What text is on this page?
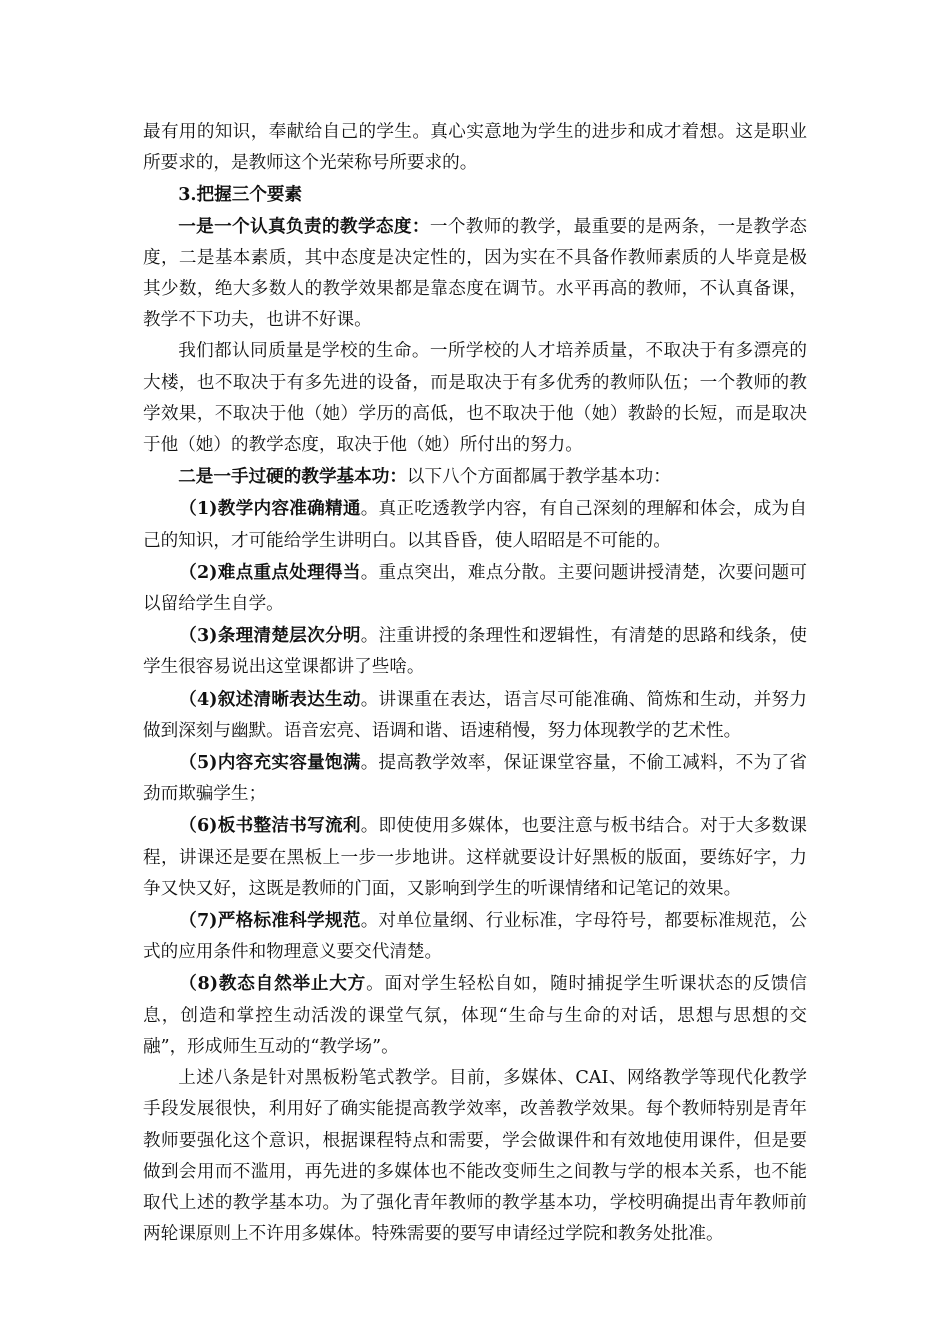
最有用的知识，奉献给自己的学生。真心实意地为学生的进步和成才着想。这是职业所要求的，是教师这个光荣称号所要求的。

3.把握三个要素

一是一个认真负责的教学态度：一个教师的教学，最重要的是两条，一是教学态度，二是基本素质，其中态度是决定性的，因为实在不具备作教师素质的人毕竟是极其少数，绝大多数人的教学效果都是靠态度在调节。水平再高的教师，不认真备课，教学不下功夫，也讲不好课。

我们都认同质量是学校的生命。一所学校的人才培养质量，不取决于有多漂亮的大楼，也不取决于有多先进的设备，而是取决于有多优秀的教师队伍；一个教师的教学效果，不取决于他（她）学历的高低，也不取决于他（她）教龄的长短，而是取决于他（她）的教学态度，取决于他（她）所付出的努力。

二是一手过硬的教学基本功：以下八个方面都属于教学基本功：

（1)教学内容准确精通。真正吃透教学内容，有自己深刻的理解和体会，成为自己的知识，才可能给学生讲明白。以其昏昏，使人昭昭是不可能的。

（2)难点重点处理得当。重点突出，难点分散。主要问题讲授清楚，次要问题可以留给学生自学。

（3)条理清楚层次分明。注重讲授的条理性和逻辑性，有清楚的思路和线条，使学生很容易说出这堂课都讲了些啥。

（4)叙述清晰表达生动。讲课重在表达，语言尽可能准确、简炼和生动，并努力做到深刻与幽默。语音宏亮、语调和谐、语速稍慢，努力体现教学的艺术性。

（5)内容充实容量饱满。提高教学效率，保证课堂容量，不偷工减料，不为了省劲而欺骗学生；

（6)板书整洁书写流利。即使使用多媒体，也要注意与板书结合。对于大多数课程，讲课还是要在黑板上一步一步地讲。这样就要设计好黑板的版面，要练好字，力争又快又好，这既是教师的门面，又影响到学生的听课情绪和记笔记的效果。

（7)严格标准科学规范。对单位量纲、行业标准，字母符号，都要标准规范，公式的应用条件和物理意义要交代清楚。

（8)教态自然举止大方。面对学生轻松自如，随时捕捉学生听课状态的反馈信息，创造和掌控生动活泼的课堂气氛，体现“生命与生命的对话，思想与思想的交融”，形成师生互动的“教学场”。

上述八条是针对黑板粉笔式教学。目前，多媒体、CAI、网络教学等现代化教学手段发展很快，利用好了确实能提高教学效率，改善教学效果。每个教师特别是青年教师要强化这个意识，根据课程特点和需要，学会做课件和有效地使用课件，但是要做到会用而不滥用，再先进的多媒体也不能改变师生之间教与学的根本关系，也不能取代上述的教学基本功。为了强化青年教师的教学基本功，学校明确提出青年教师前两轮课原则上不许用多媒体。特殊需要的要写申请经过学院和教务处批准。
